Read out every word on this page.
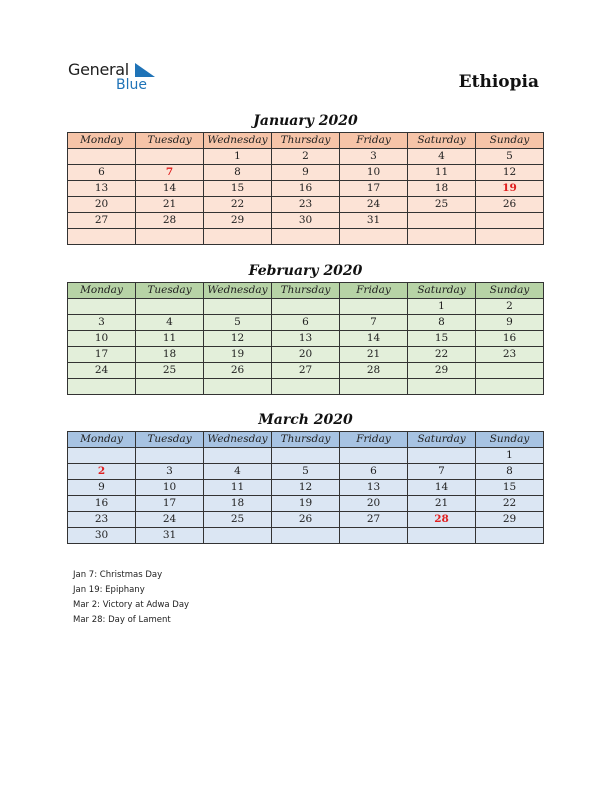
General
Blue	Ethiopia
January 2020
Monday	Tuesday	Wednesday	Thursday	Friday	Saturday	Sunday
		1	2	3	4	5
6	7	8	9	10	11	12
13	14	15	16	17	18	19
20	21	22	23	24	25	26
27	28	29	30	31		

February 2020
Monday	Tuesday	Wednesday	Thursday	Friday	Saturday	Sunday
					1	2
3	4	5	6	7	8	9
10	11	12	13	14	15	16
17	18	19	20	21	22	23
24	25	26	27	28	29	

March 2020
Monday	Tuesday	Wednesday	Thursday	Friday	Saturday	Sunday
						1
2	3	4	5	6	7	8
9	10	11	12	13	14	15
16	17	18	19	20	21	22
23	24	25	26	27	28	29
30	31					
Jan 7: Christmas Day
Jan 19: Epiphany
Mar 2: Victory at Adwa Day
Mar 28: Day of Lament
